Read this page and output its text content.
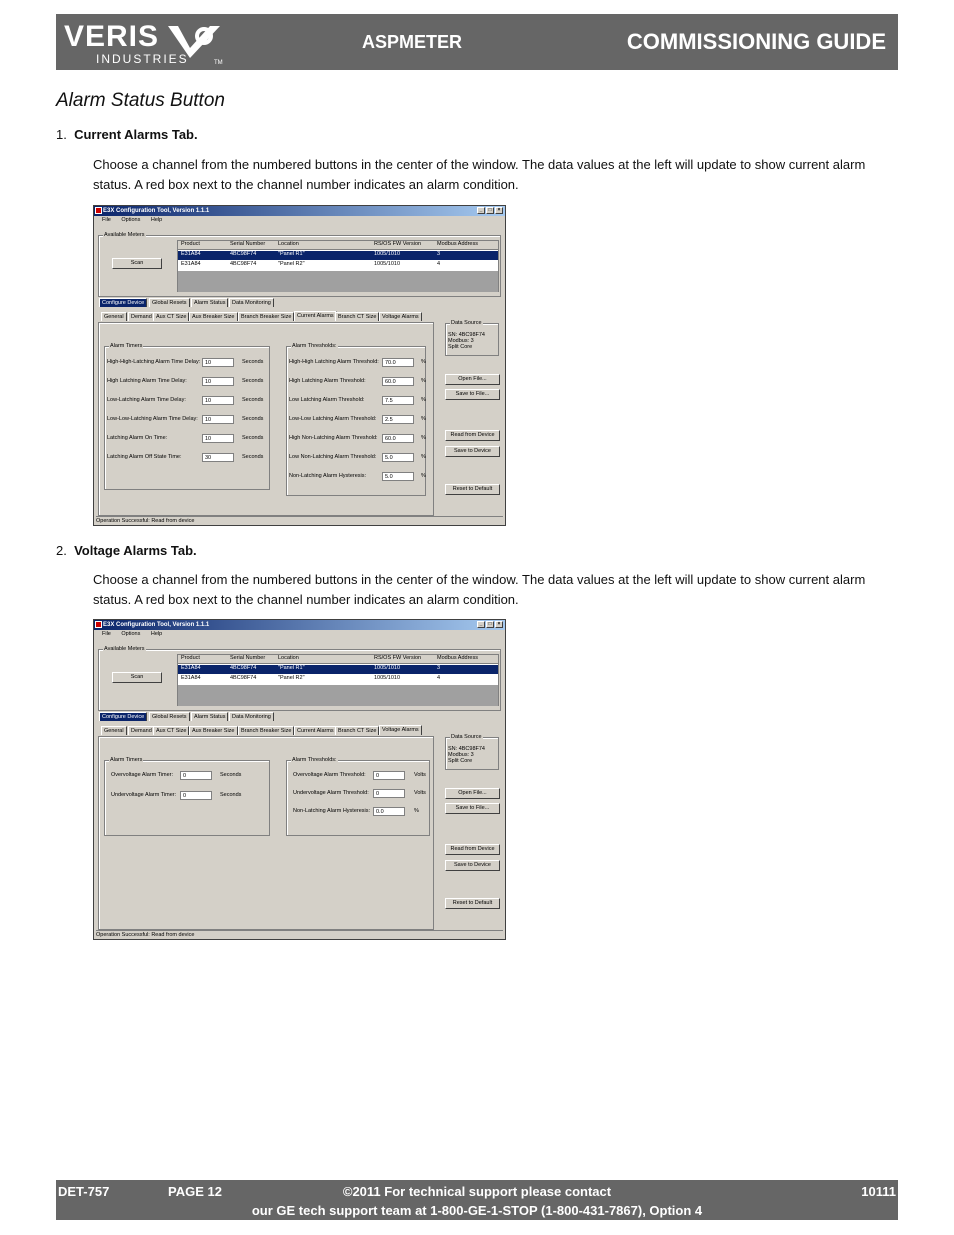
VERIS
INDUSTRIES	TM
ASPMETER	COMMISSIONING GUIDE
Alarm Status Button
1. Current Alarms Tab.
Choose a channel from the numbered buttons in the center of the window. The data values at the left will update to show current alarm status. A red box next to the channel number indicates an alarm condition.
E3X Configuration Tool, Version 1.1.1	_ □ ×
File Options Help
Available Meters
Scan
Product	Serial Number Location	RS/OS FW Version	Modbus Address
E31A84	4BC98F74	"Panel R1"	1005/1010	3
E31A84	4BC98F74	"Panel R2"	1005/1010	4
Configure Device	Global Resets	Alarm Status	Data Monitoring
General	Demand Aux CT Size	Aux Breaker Size	Branch Breaker Size	Current Alarms Branch CT Size	Voltage Alarms
Alarm Timers	Alarm Thresholds:
Data Source
SN: 4BC98F74
Modbus: 3
Split Core
Open File...
Save to File...
Read from Device
Save to Device
Reset to Default
Operation Successful: Read from device
High-High-Latching Alarm Time Delay: 10	Seconds
High Latching Alarm Time Delay:	10	Seconds
Low-Latching Alarm Time Delay:	10	Seconds
Low-Low-Latching Alarm Time Delay:	10	Seconds
Latching Alarm On Time:	10	Seconds
Latching Alarm Off State Time:	30	Seconds
High-High Latching Alarm Threshold:	70.0	%
High Latching Alarm Threshold:	60.0	%
Low Latching Alarm Threshold:	7.5	%
Low-Low Latching Alarm Threshold:	2.5	%
High Non-Latching Alarm Threshold:	60.0	%
Low Non-Latching Alarm Threshold:	5.0	%
Non-Latching Alarm Hysteresis:	5.0	%
2. Voltage Alarms Tab.
Choose a channel from the numbered buttons in the center of the window. The data values at the left will update to show current alarm status. A red box next to the channel number indicates an alarm condition.
E3X Configuration Tool, Version 1.1.1	_ □ ×
File Options Help
Available Meters
Scan
Product	Serial Number Location	RS/OS FW Version	Modbus Address
E31A84	4BC98F74	"Panel R1"	1005/1010	3
E31A84	4BC98F74	"Panel R2"	1005/1010	4
Configure Device	Global Resets	Alarm Status	Data Monitoring
General	Demand Aux CT Size	Aux Breaker Size	Branch Breaker Size	Current Alarms Branch CT Size	Voltage Alarms
Alarm Timers	Alarm Thresholds:
Data Source
SN: 4BC98F74
Modbus: 3
Split Core
Open File...
Save to File...
Read from Device
Save to Device
Reset to Default
Operation Successful: Read from device
Overvoltage Alarm Timer:	0	Seconds
Undervoltage Alarm Timer:	0	Seconds
Overvoltage Alarm Threshold:	0	Volts
Undervoltage Alarm Threshold:	0	Volts
Non-Latching Alarm Hysteresis:	0.0	%
DET-757	PAGE 12	©2011 For technical support please contact
our GE tech support team at 1-800-GE-1-STOP (1-800-431-7867), Option 4
10111
